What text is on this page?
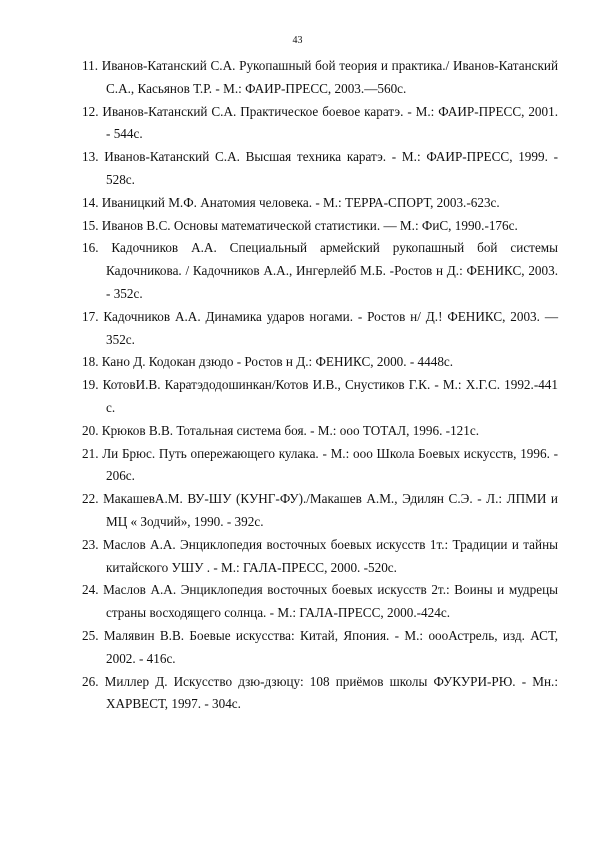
43
11. Иванов-Катанский С.А. Рукопашный бой теория и практика./ Иванов-Катанский С.А., Касьянов Т.Р. - М.: ФАИР-ПРЕСС, 2003.—560с.
12. Иванов-Катанский С.А. Практическое боевое каратэ. - М.: ФАИР-ПРЕСС, 2001. - 544с.
13. Иванов-Катанский С.А. Высшая техника каратэ. - М.: ФАИР-ПРЕСС, 1999. - 528с.
14. Иваницкий М.Ф. Анатомия человека. - М.: ТЕРРА-СПОРТ, 2003.-623с.
15. Иванов В.С. Основы математической статистики. — М.: ФиС, 1990.-176с.
16. Кадочников А.А. Специальный армейский рукопашный бой системы Кадочникова. / Кадочников А.А., Ингерлейб М.Б. -Ростов н Д.: ФЕНИКС, 2003. - 352с.
17. Кадочников А.А. Динамика ударов ногами. - Ростов н/ Д.! ФЕНИКС, 2003. —352с.
18. Кано Д. Кодокан дзюдо - Ростов н Д.: ФЕНИКС, 2000. - 4448с.
19. КотовИ.В. Каратэдодошинкан/Котов И.В., Снустиков Г.К. - М.: Х.Г.С. 1992.-441 с.
20. Крюков В.В. Тотальная система боя. - М.: ооо ТОТАЛ, 1996. -121с.
21. Ли Брюс. Путь опережающего кулака. - М.: ооо Школа Боевых искусств, 1996. - 206с.
22. МакашевА.М. ВУ-ШУ (КУНГ-ФУ)./Макашев А.М., Эдилян С.Э. - Л.: ЛПМИ и МЦ « Зодчий», 1990. - 392с.
23. Маслов А.А. Энциклопедия восточных боевых искусств 1т.: Традиции и тайны китайского УШУ . - М.: ГАЛА-ПРЕСС, 2000. -520с.
24. Маслов А.А. Энциклопедия восточных боевых искусств 2т.: Воины и мудрецы страны восходящего солнца. - М.: ГАЛА-ПРЕСС, 2000.-424с.
25. Малявин В.В. Боевые искусства: Китай, Япония. - М.: оооАстрель, изд. АСТ, 2002. - 416с.
26. Миллер Д. Искусство дзю-дзюцу: 108 приёмов школы ФУКУРИ-РЮ. - Мн.: ХАРВЕСТ, 1997. - 304с.
